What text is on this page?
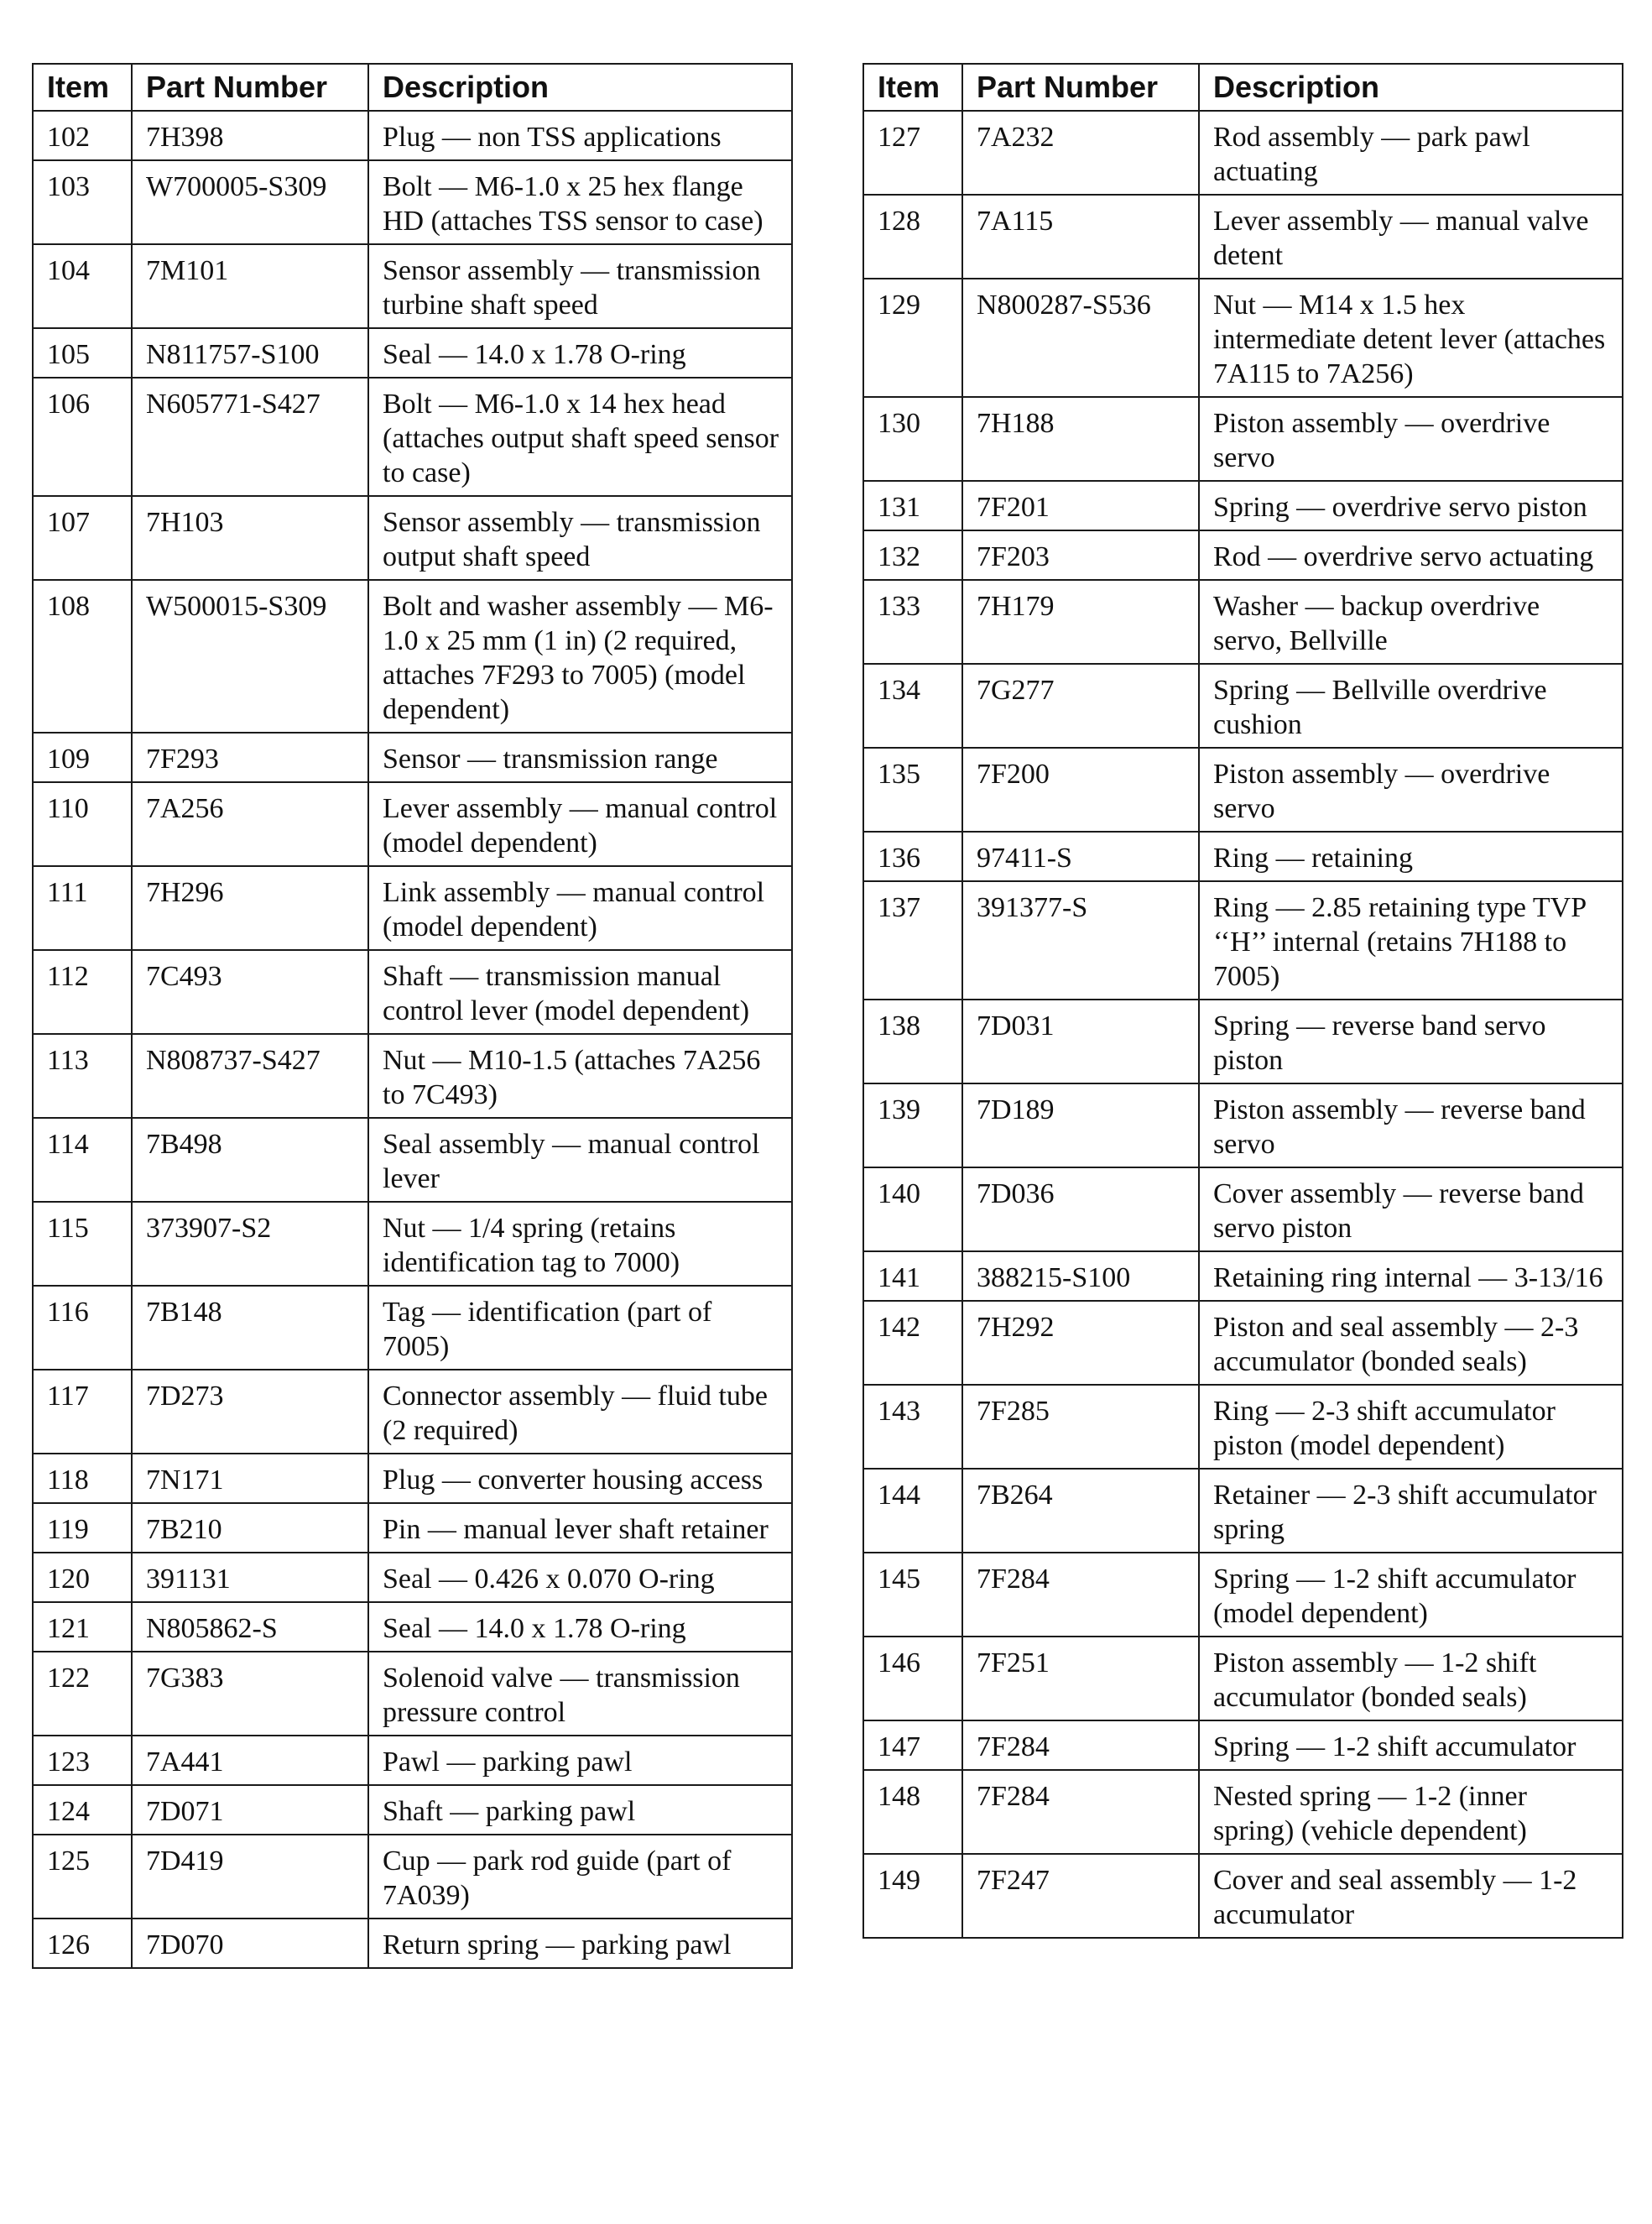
Item	Part Number	Description
102	7H398	Plug — non TSS applications
103	W700005-S309	Bolt — M6-1.0 x 25 hex flange HD (attaches TSS sensor to case)
104	7M101	Sensor assembly — transmission turbine shaft speed
105	N811757-S100	Seal — 14.0 x 1.78 O-ring
106	N605771-S427	Bolt — M6-1.0 x 14 hex head (attaches output shaft speed sensor to case)
107	7H103	Sensor assembly — transmission output shaft speed
108	W500015-S309	Bolt and washer assembly — M6-1.0 x 25 mm (1 in) (2 required, attaches 7F293 to 7005) (model dependent)
109	7F293	Sensor — transmission range
110	7A256	Lever assembly — manual control (model dependent)
111	7H296	Link assembly — manual control (model dependent)
112	7C493	Shaft — transmission manual control lever (model dependent)
113	N808737-S427	Nut — M10-1.5 (attaches 7A256 to 7C493)
114	7B498	Seal assembly — manual control lever
115	373907-S2	Nut — 1/4 spring (retains identification tag to 7000)
116	7B148	Tag — identification (part of 7005)
117	7D273	Connector assembly — fluid tube (2 required)
118	7N171	Plug — converter housing access
119	7B210	Pin — manual lever shaft retainer
120	391131	Seal — 0.426 x 0.070 O-ring
121	N805862-S	Seal — 14.0 x 1.78 O-ring
122	7G383	Solenoid valve — transmission pressure control
123	7A441	Pawl — parking pawl
124	7D071	Shaft — parking pawl
125	7D419	Cup — park rod guide (part of 7A039)
126	7D070	Return spring — parking pawl
Item	Part Number	Description
127	7A232	Rod assembly — park pawl actuating
128	7A115	Lever assembly — manual valve detent
129	N800287-S536	Nut — M14 x 1.5 hex intermediate detent lever (attaches 7A115 to 7A256)
130	7H188	Piston assembly — overdrive servo
131	7F201	Spring — overdrive servo piston
132	7F203	Rod — overdrive servo actuating
133	7H179	Washer — backup overdrive servo, Bellville
134	7G277	Spring — Bellville overdrive cushion
135	7F200	Piston assembly — overdrive servo
136	97411-S	Ring — retaining
137	391377-S	Ring — 2.85 retaining type TVP ‘‘H’’ internal (retains 7H188 to 7005)
138	7D031	Spring — reverse band servo piston
139	7D189	Piston assembly — reverse band servo
140	7D036	Cover assembly — reverse band servo piston
141	388215-S100	Retaining ring internal — 3-13/16
142	7H292	Piston and seal assembly — 2-3 accumulator (bonded seals)
143	7F285	Ring — 2-3 shift accumulator piston (model dependent)
144	7B264	Retainer — 2-3 shift accumulator spring
145	7F284	Spring — 1-2 shift accumulator (model dependent)
146	7F251	Piston assembly — 1-2 shift accumulator (bonded seals)
147	7F284	Spring — 1-2 shift accumulator
148	7F284	Nested spring — 1-2 (inner spring) (vehicle dependent)
149	7F247	Cover and seal assembly — 1-2 accumulator
